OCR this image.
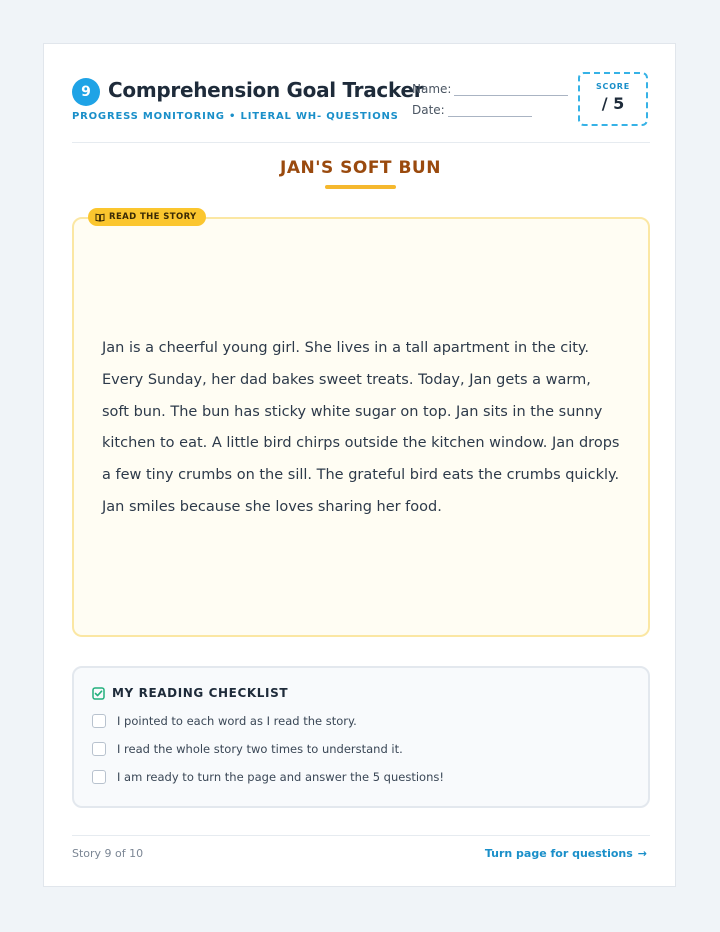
9 Comprehension Goal Tracker
PROGRESS MONITORING • LITERAL WH- QUESTIONS
Name:
Date:
SCORE
/ 5
JAN'S SOFT BUN
Jan is a cheerful young girl. She lives in a tall apartment in the city. Every Sunday, her dad bakes sweet treats. Today, Jan gets a warm, soft bun. The bun has sticky white sugar on top. Jan sits in the sunny kitchen to eat. A little bird chirps outside the kitchen window. Jan drops a few tiny crumbs on the sill. The grateful bird eats the crumbs quickly. Jan smiles because she loves sharing her food.
READ THE STORY
MY READING CHECKLIST
I pointed to each word as I read the story.
I read the whole story two times to understand it.
I am ready to turn the page and answer the 5 questions!
Story 9 of 10	Turn page for questions →
